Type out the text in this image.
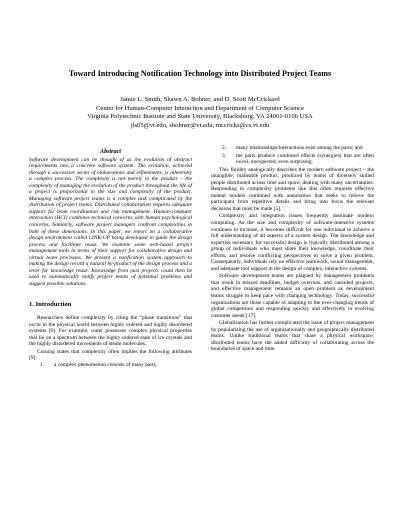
Toward Introducing Notification Technology into Distributed Project Teams
Jamie L. Smith, Shawn A. Bohner, and D. Scott McCrickard
Center for Human-Computer Interaction and Department of Computer Science
Virginia Polytechnic Institute and State University, Blacksburg, VA 24061-0106 USA
jls05@vt.edu, sbohner@vt.edu, mccricks@cs.vt.edu
Abstract
Software development can be thought of as the evolution of abstract requirements into a concrete software system. The evolution, achieved through a successive series of elaborations and refinements, is inherently a complex process. The complexity is not merely in the product – the complexity of managing the evolution of the product throughout the life of a project is proportional to the size and complexity of the product. Managing software project teams is a complex task complicated by the distribution of project teams. Distributed collaboration requires adequate support for team coordination and risk management. Human-computer interaction (HCI) combines technical concerns with human psychological concerns. Similarly, software project managers confront complexities in both of these dimensions. In this paper, we report on a collaborative design environment called LINK-UP being developed to guide the design process and facilitate reuse. We examine some web-based project management tools in terms of their support for collaborative design and virtual team processes. We present a notification system approach to making the design record a natural by-product of the design process and a lever for knowledge reuse. Knowledge from past projects could then be used to automatically notify project teams of potential problems and suggest possible solutions.
1. Introduction

Researchers define complexity by citing the “phase transitions” that occur in the physical world between highly ordered and highly disordered systems [9]. For example, water possesses complex physical properties that lie on a spectrum between the highly ordered state of ice crystals and the highly disordered movements of steam molecules.

Corning states that complexity often implies the following attributes [9]:

1. a complex phenomenon consists of many parts,
2. many relationships/interactions exist among the parts; and
3. the parts produce combined effects (synergies) that are often novel, unexpected, even surprising.

This fluidity analogically describes the modern software project – the intangible, malleable product, produced by teams of diversely skilled people distributed across time and space, dealing with many uncertainties. Responding to complexity problems like this often requires effective mental models combined with automation that seeks to relieve the participant from repetitive details and bring into focus the relevant decisions that must be made [5].

Complexity and integration issues frequently dominate modern computing. As the size and complexity of software-intensive systems continues to increase, it becomes difficult for one individual to achieve a full understanding of all aspects of a system design. The knowledge and expertise necessary for successful design is typically distributed among a group of individuals who must share their knowledge, coordinate their efforts, and resolve conflicting perspectives to solve a given problem. Consequently, individuals rely on effective teamwork, sound management, and adequate tool support in the design of complex, interactive systems.

Software development teams are plagued by management problems that result in missed deadlines, budget overruns, and canceled projects, and effective management remains an open problem as development teams struggle to keep pace with changing technology. Today, successful organizations are those capable of adapting to the ever-changing trends of global competition and responding quickly and effectively to evolving customer needs [17].

Globalization has further complicated the issue of project management by popularizing the use of organizationally and geographically distributed teams. Unlike traditional teams that share a physical workspace, distributed teams have the added difficulty of collaborating across the boundaries of space and time.
